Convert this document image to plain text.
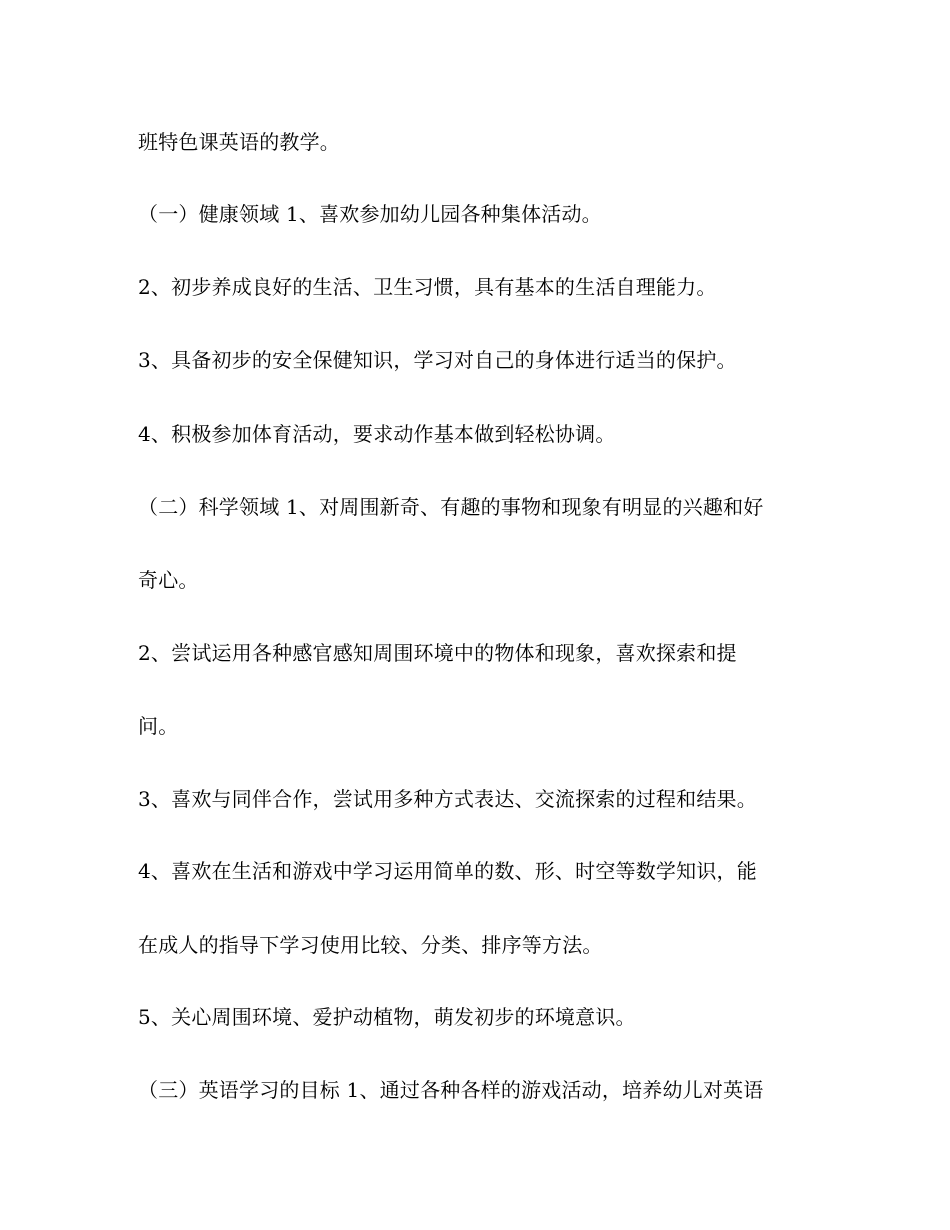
班特色课英语的教学。

（一）健康领域 1、喜欢参加幼儿园各种集体活动。

2、初步养成良好的生活、卫生习惯，具有基本的生活自理能力。

3、具备初步的安全保健知识，学习对自己的身体进行适当的保护。

4、积极参加体育活动，要求动作基本做到轻松协调。

（二）科学领域 1、对周围新奇、有趣的事物和现象有明显的兴趣和好

奇心。

2、尝试运用各种感官感知周围环境中的物体和现象，喜欢探索和提

问。

3、喜欢与同伴合作，尝试用多种方式表达、交流探索的过程和结果。

4、喜欢在生活和游戏中学习运用简单的数、形、时空等数学知识，能

在成人的指导下学习使用比较、分类、排序等方法。

5、关心周围环境、爱护动植物，萌发初步的环境意识。

（三）英语学习的目标 1、通过各种各样的游戏活动，培养幼儿对英语
